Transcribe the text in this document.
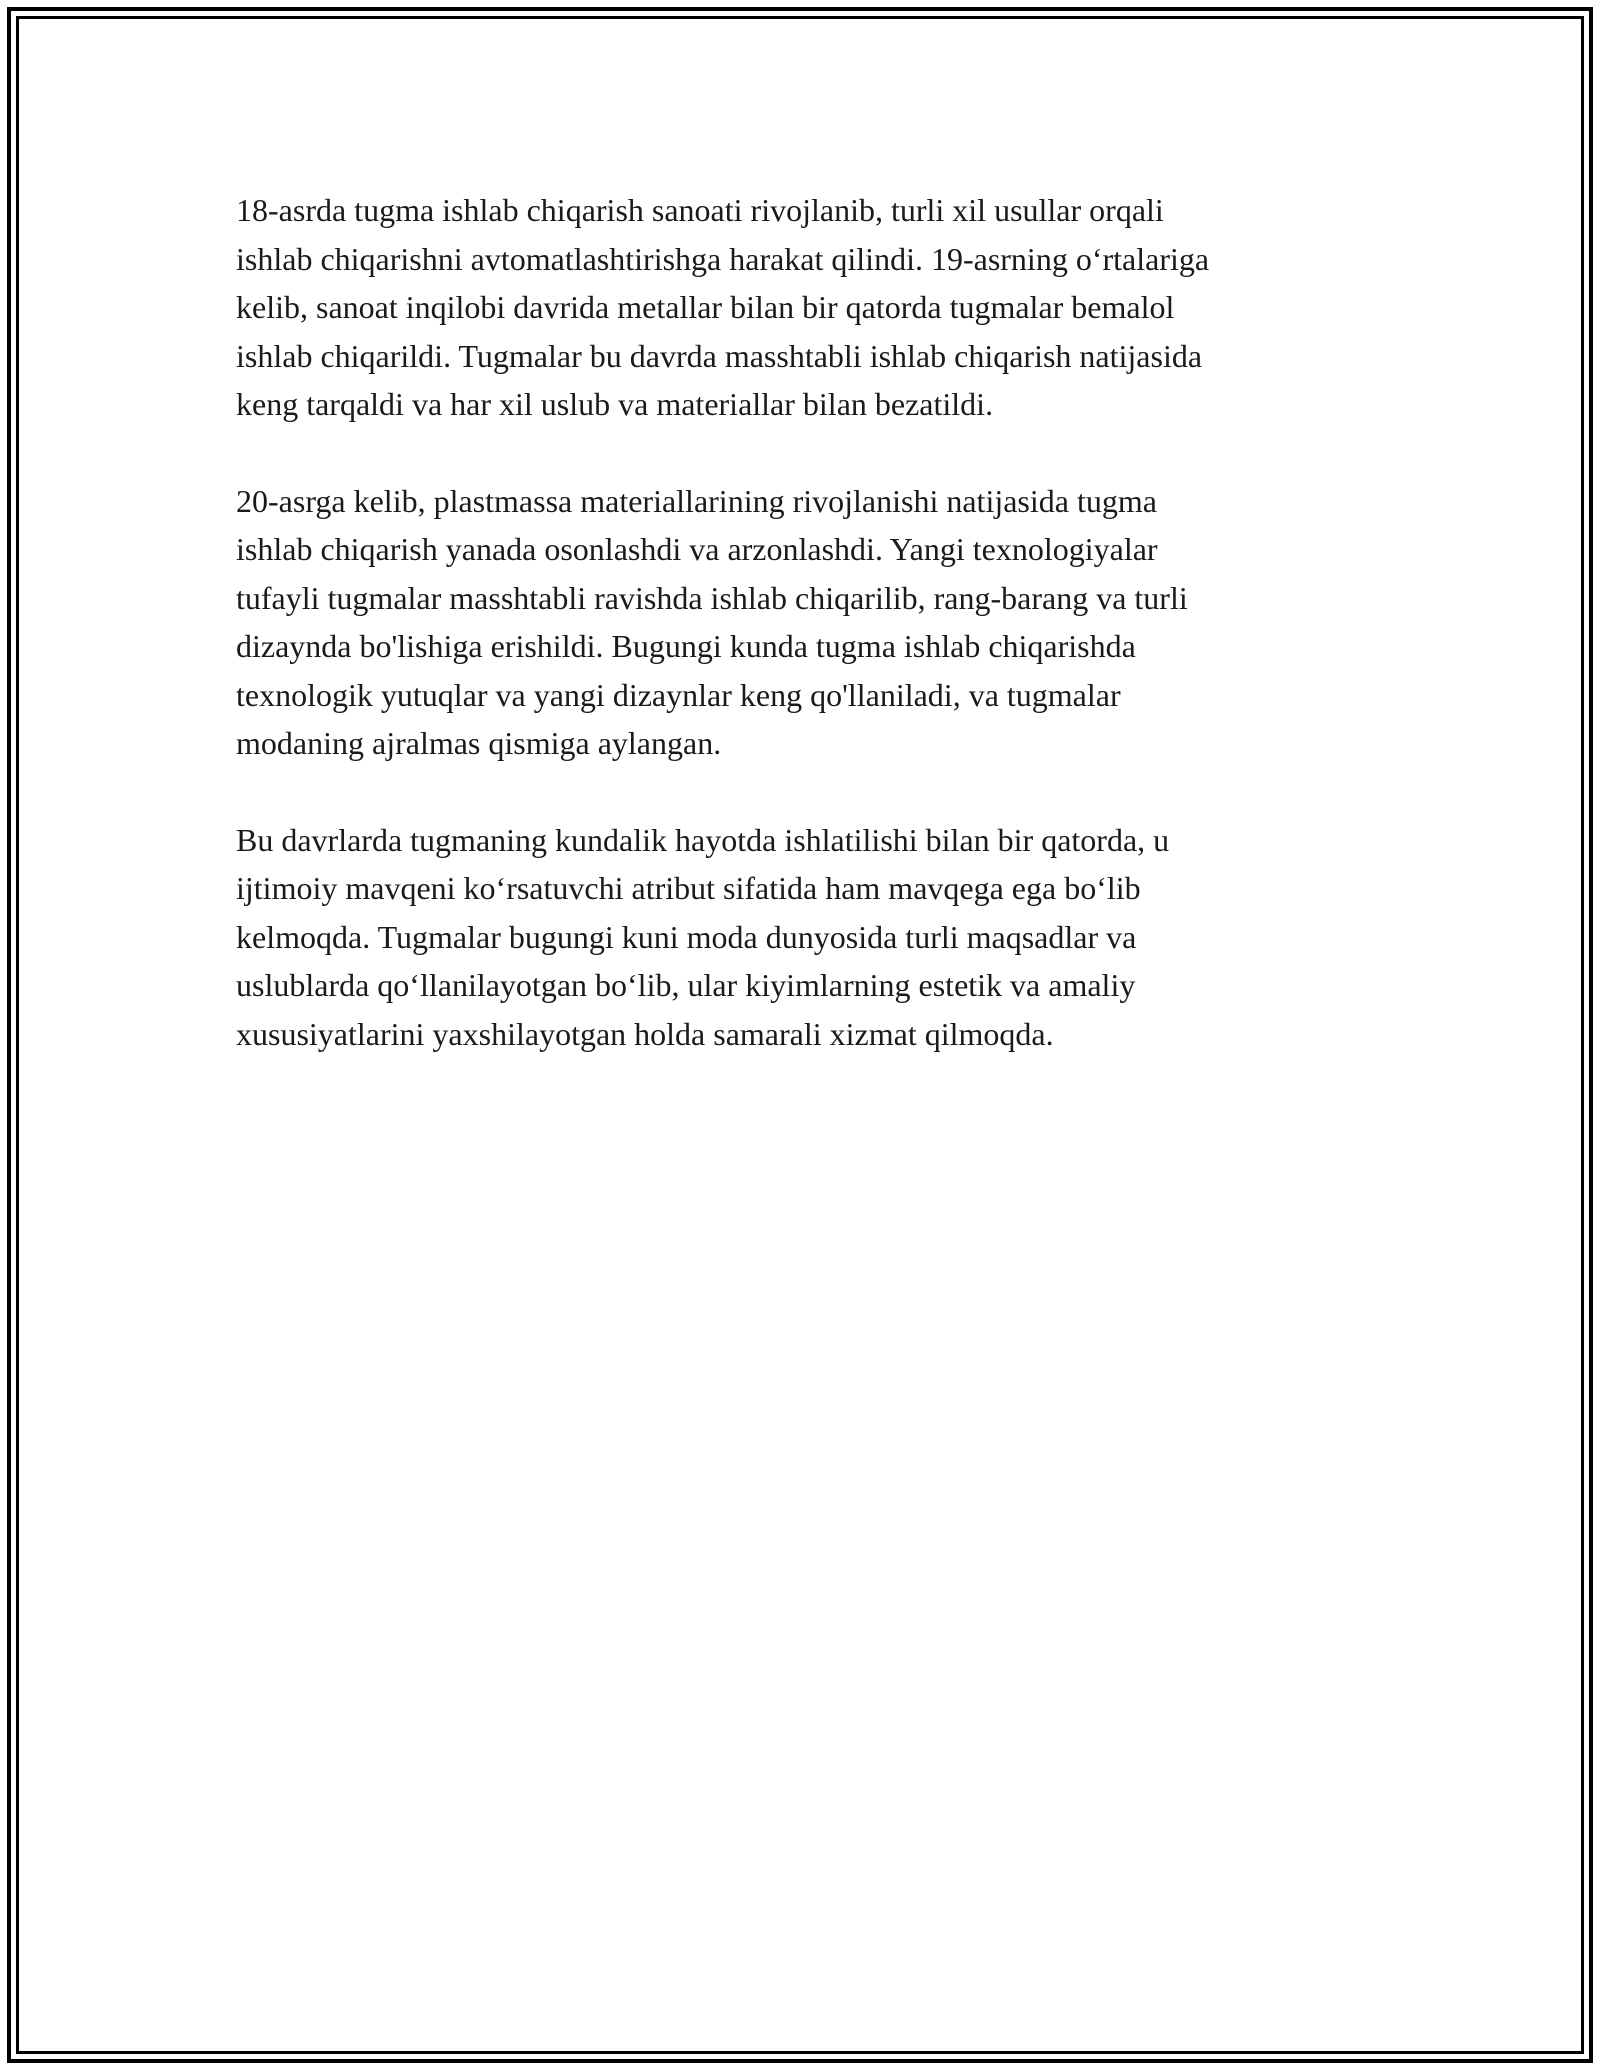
18-asrda tugma ishlab chiqarish sanoati rivojlanib, turli xil usullar orqali
ishlab chiqarishni avtomatlashtirishga harakat qilindi. 19-asrning o‘rtalariga
kelib, sanoat inqilobi davrida metallar bilan bir qatorda tugmalar bemalol
ishlab chiqarildi. Tugmalar bu davrda masshtabli ishlab chiqarish natijasida
keng tarqaldi va har xil uslub va materiallar bilan bezatildi.

20-asrga kelib, plastmassa materiallarining rivojlanishi natijasida tugma
ishlab chiqarish yanada osonlashdi va arzonlashdi. Yangi texnologiyalar
tufayli tugmalar masshtabli ravishda ishlab chiqarilib, rang-barang va turli
dizaynda bo'lishiga erishildi. Bugungi kunda tugma ishlab chiqarishda
texnologik yutuqlar va yangi dizaynlar keng qo'llaniladi, va tugmalar
modaning ajralmas qismiga aylangan.

Bu davrlarda tugmaning kundalik hayotda ishlatilishi bilan bir qatorda, u
ijtimoiy mavqeni ko‘rsatuvchi atribut sifatida ham mavqega ega bo‘lib
kelmoqda. Tugmalar bugungi kuni moda dunyosida turli maqsadlar va
uslublarda qo‘llanilayotgan bo‘lib, ular kiyimlarning estetik va amaliy
xususiyatlarini yaxshilayotgan holda samarali xizmat qilmoqda.
